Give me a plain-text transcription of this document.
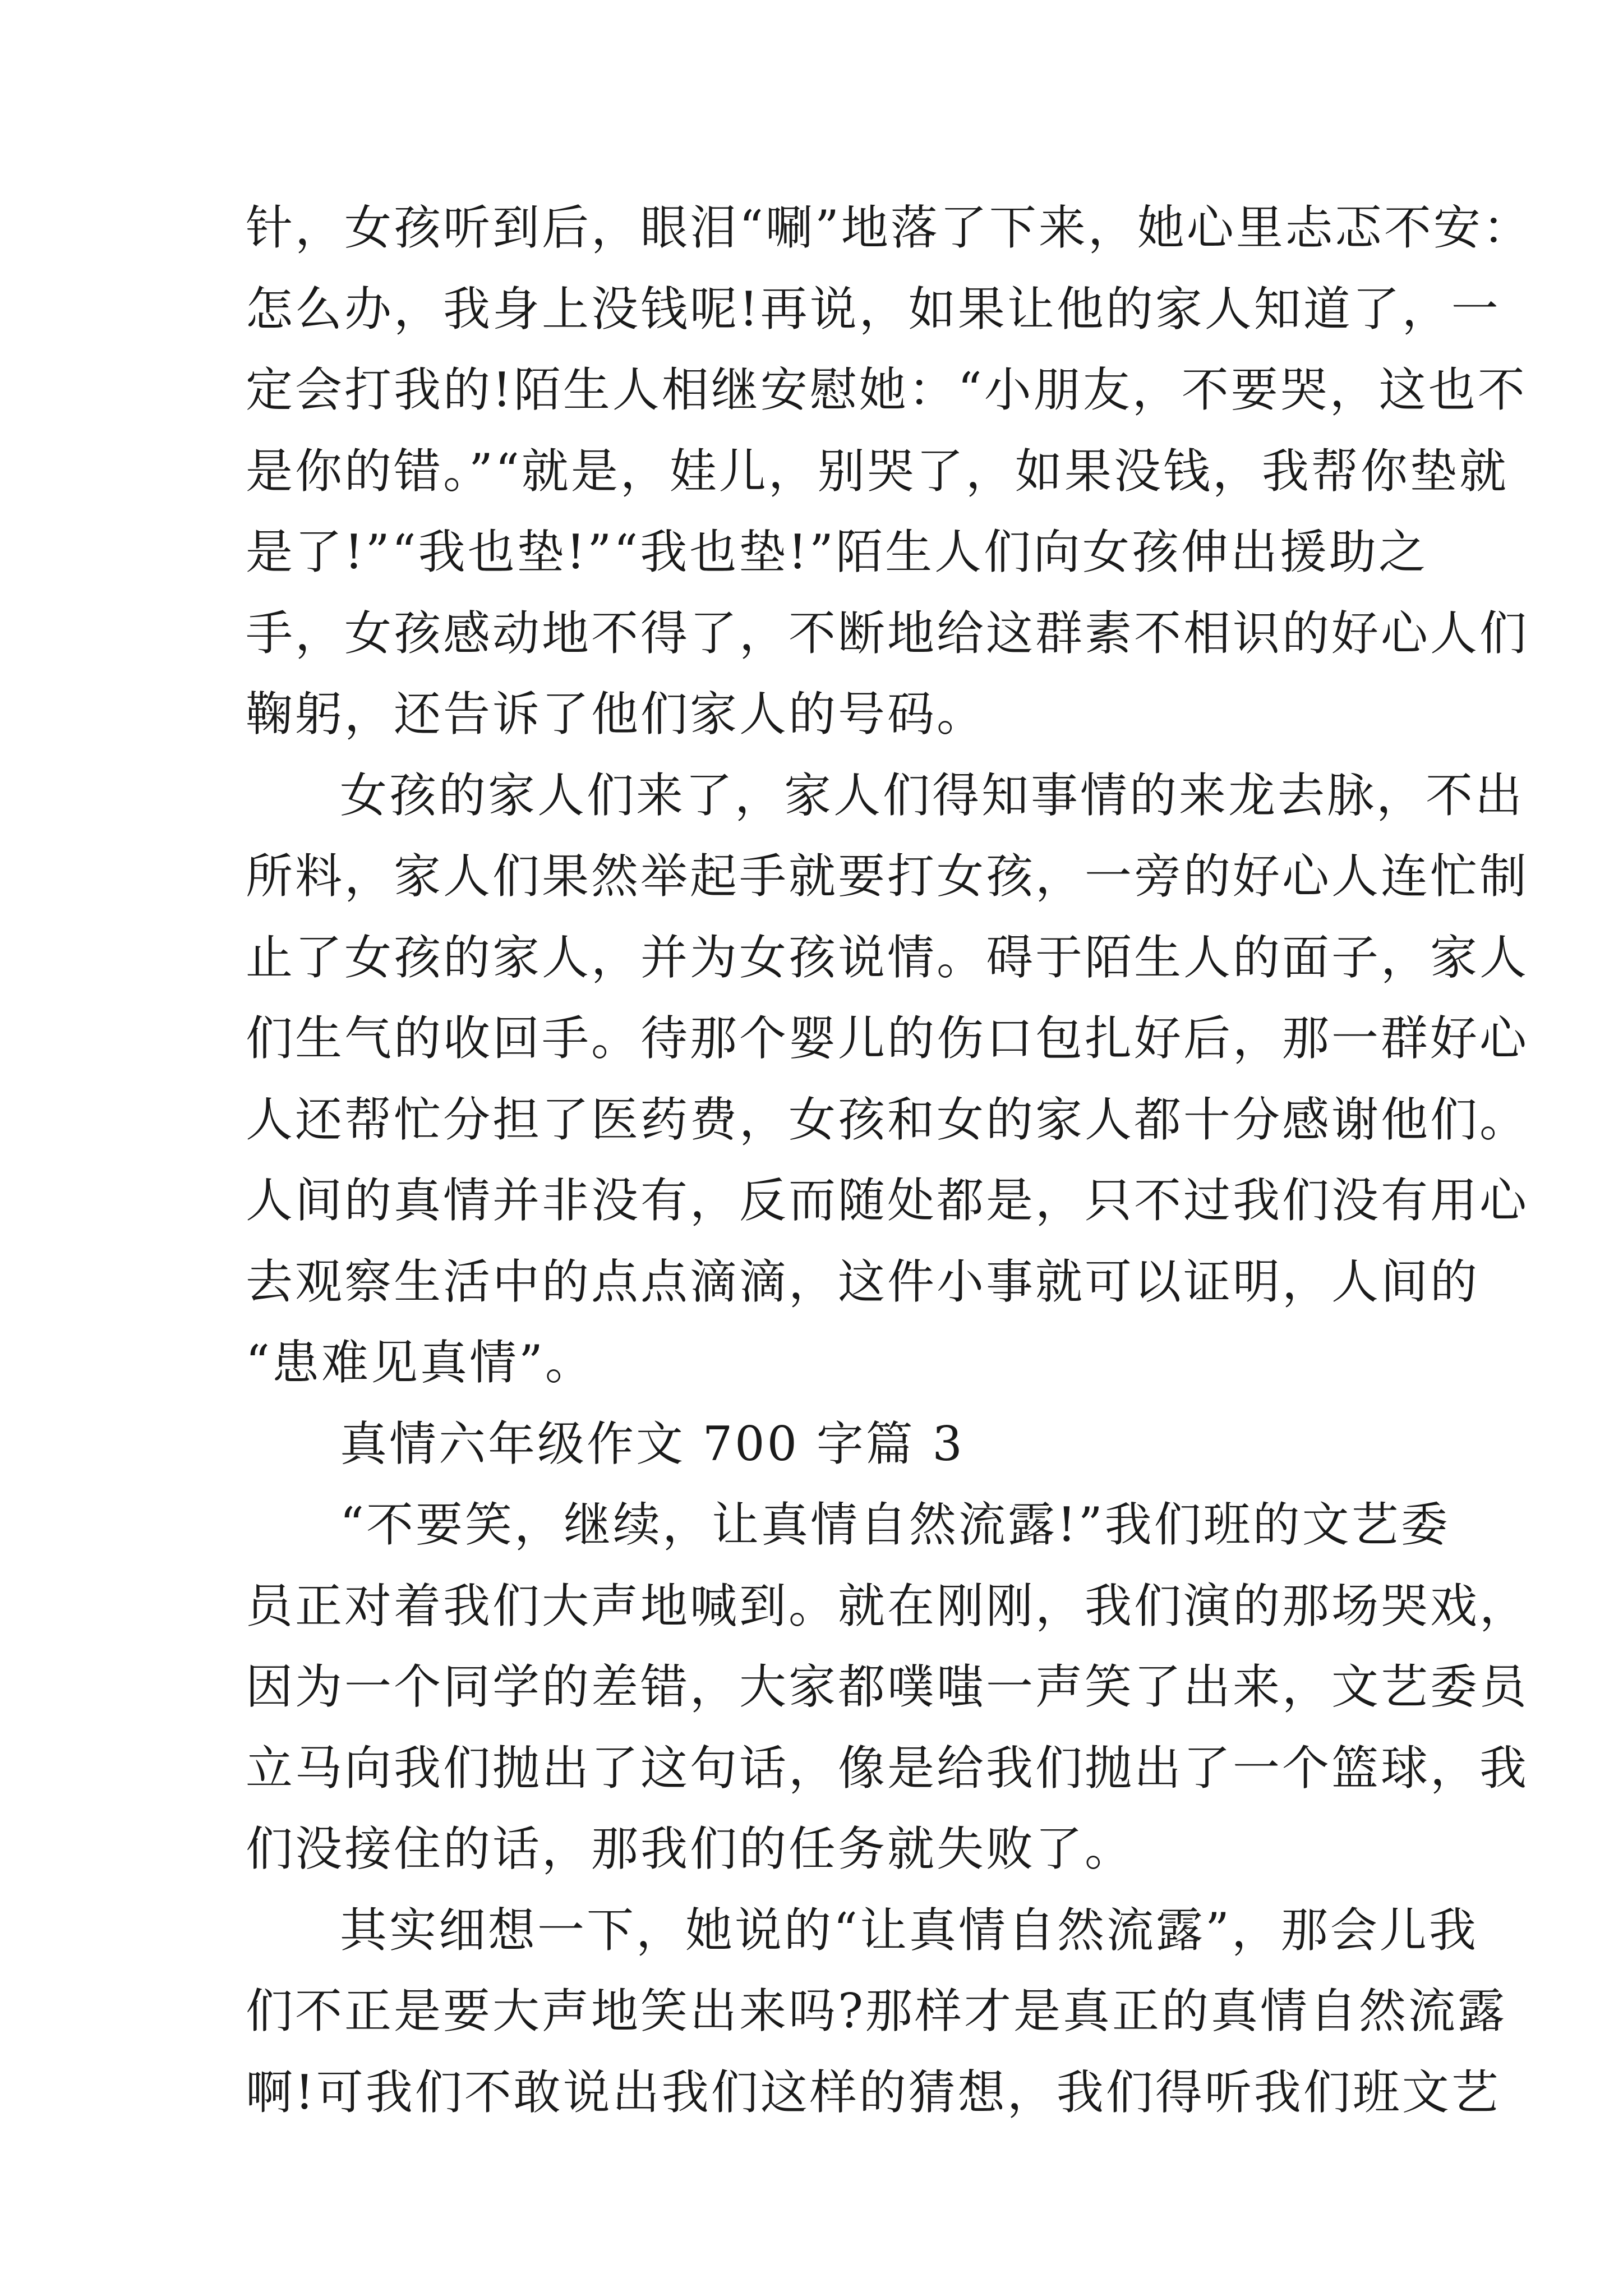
针，女孩听到后，眼泪“唰”地落了下来，她心里忐忑不安：
怎么办，我身上没钱呢!再说，如果让他的家人知道了，一
定会打我的!陌生人相继安慰她：“小朋友，不要哭，这也不
是你的错。”“就是，娃儿，别哭了，如果没钱，我帮你垫就
是了!”“我也垫!”“我也垫!”陌生人们向女孩伸出援助之
手，女孩感动地不得了，不断地给这群素不相识的好心人们
鞠躬，还告诉了他们家人的号码。
女孩的家人们来了，家人们得知事情的来龙去脉，不出
所料，家人们果然举起手就要打女孩，一旁的好心人连忙制
止了女孩的家人，并为女孩说情。碍于陌生人的面子，家人
们生气的收回手。待那个婴儿的伤口包扎好后，那一群好心
人还帮忙分担了医药费，女孩和女的家人都十分感谢他们。
人间的真情并非没有，反而随处都是，只不过我们没有用心
去观察生活中的点点滴滴，这件小事就可以证明，人间的
“患难见真情”。
真情六年级作文 700 字篇 3
“不要笑，继续，让真情自然流露!”我们班的文艺委
员正对着我们大声地喊到。就在刚刚，我们演的那场哭戏，
因为一个同学的差错，大家都噗嗤一声笑了出来，文艺委员
立马向我们抛出了这句话，像是给我们抛出了一个篮球，我
们没接住的话，那我们的任务就失败了。
其实细想一下，她说的“让真情自然流露”，那会儿我
们不正是要大声地笑出来吗?那样才是真正的真情自然流露
啊!可我们不敢说出我们这样的猜想，我们得听我们班文艺
